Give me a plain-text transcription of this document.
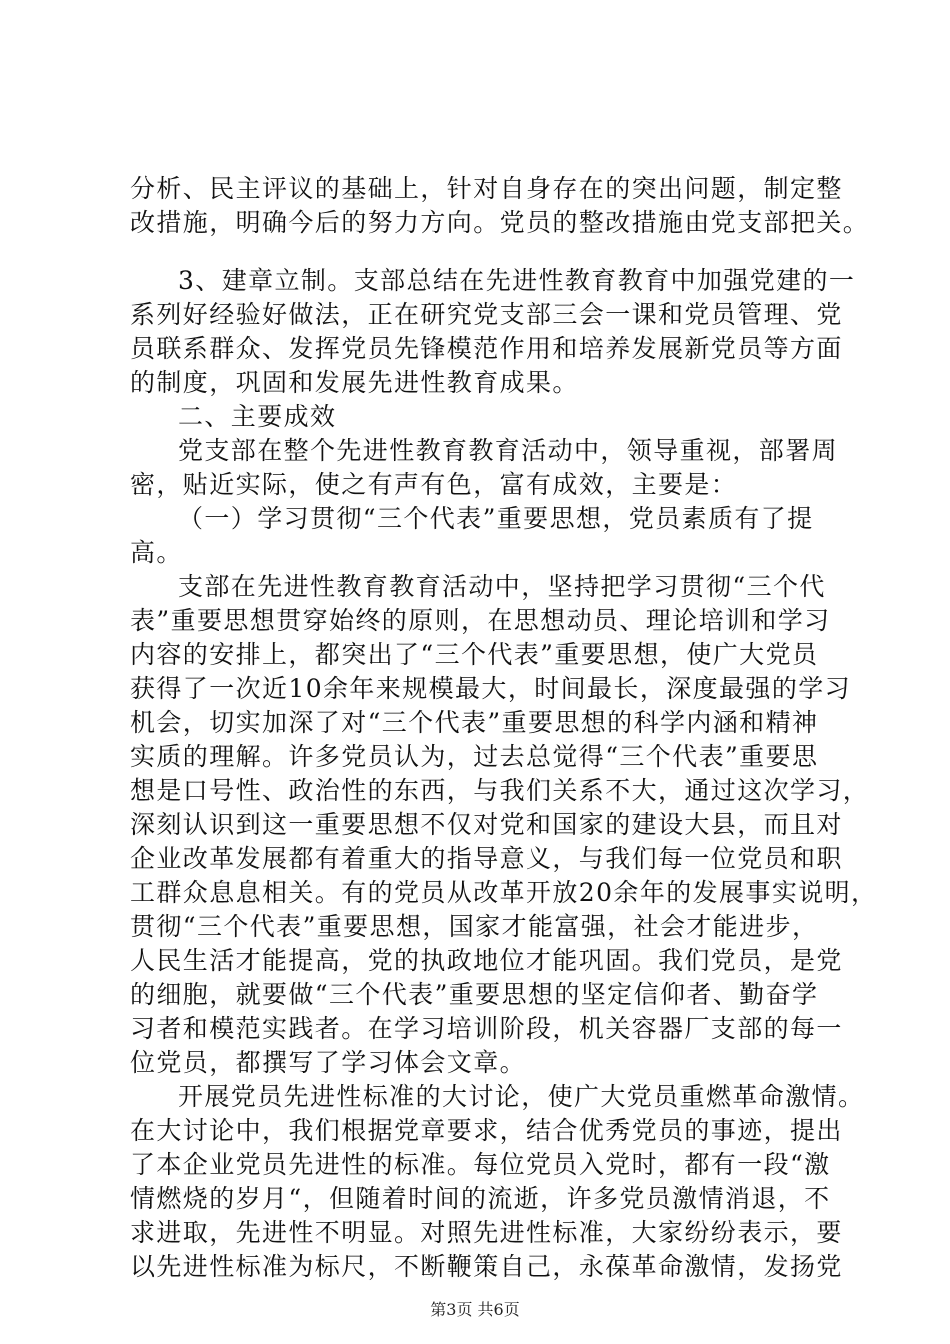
分析、民主评议的基础上，针对自身存在的突出问题，制定整
改措施，明确今后的努力方向。党员的整改措施由党支部把关。
3、建章立制。支部总结在先进性教育教育中加强党建的一
系列好经验好做法，正在研究党支部三会一课和党员管理、党
员联系群众、发挥党员先锋模范作用和培养发展新党员等方面
的制度，巩固和发展先进性教育成果。
二、主要成效
党支部在整个先进性教育教育活动中，领导重视，部署周
密，贴近实际，使之有声有色，富有成效，主要是：
（一）学习贯彻“三个代表”重要思想，党员素质有了提
高。
支部在先进性教育教育活动中，坚持把学习贯彻“三个代
表”重要思想贯穿始终的原则，在思想动员、理论培训和学习
内容的安排上，都突出了“三个代表”重要思想，使广大党员
获得了一次近10余年来规模最大，时间最长，深度最强的学习
机会，切实加深了对“三个代表”重要思想的科学内涵和精神
实质的理解。许多党员认为，过去总觉得“三个代表”重要思
想是口号性、政治性的东西，与我们关系不大，通过这次学习，
深刻认识到这一重要思想不仅对党和国家的建设大县，而且对
企业改革发展都有着重大的指导意义，与我们每一位党员和职
工群众息息相关。有的党员从改革开放20余年的发展事实说明，
贯彻“三个代表”重要思想，国家才能富强，社会才能进步，
人民生活才能提高，党的执政地位才能巩固。我们党员，是党
的细胞，就要做“三个代表”重要思想的坚定信仰者、勤奋学
习者和模范实践者。在学习培训阶段，机关容器厂支部的每一
位党员，都撰写了学习体会文章。
开展党员先进性标准的大讨论，使广大党员重燃革命激情。
在大讨论中，我们根据党章要求，结合优秀党员的事迹，提出
了本企业党员先进性的标准。每位党员入党时，都有一段“激
情燃烧的岁月“，但随着时间的流逝，许多党员激情消退，不
求进取，先进性不明显。对照先进性标准，大家纷纷表示，要
以先进性标准为标尺，不断鞭策自己，永葆革命激情，发扬党
第3页 共6页
